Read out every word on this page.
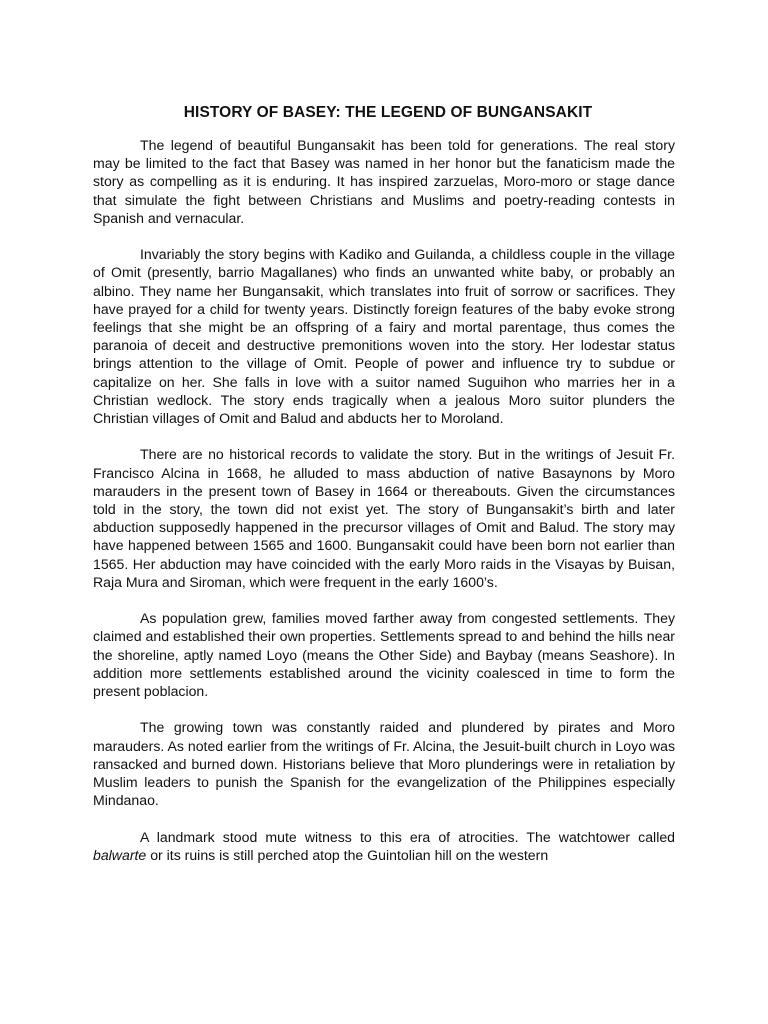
HISTORY OF BASEY: THE LEGEND OF BUNGANSAKIT

The legend of beautiful Bungansakit has been told for generations. The real story may be limited to the fact that Basey was named in her honor but the fanaticism made the story as compelling as it is enduring. It has inspired zarzuelas, Moro-moro or stage dance that simulate the fight between Christians and Muslims and poetry-reading contests in Spanish and vernacular.

Invariably the story begins with Kadiko and Guilanda, a childless couple in the village of Omit (presently, barrio Magallanes) who finds an unwanted white baby, or probably an albino. They name her Bungansakit, which translates into fruit of sorrow or sacrifices. They have prayed for a child for twenty years. Distinctly foreign features of the baby evoke strong feelings that she might be an offspring of a fairy and mortal parentage, thus comes the paranoia of deceit and destructive premonitions woven into the story. Her lodestar status brings attention to the village of Omit. People of power and influence try to subdue or capitalize on her. She falls in love with a suitor named Suguihon who marries her in a Christian wedlock. The story ends tragically when a jealous Moro suitor plunders the Christian villages of Omit and Balud and abducts her to Moroland.

There are no historical records to validate the story. But in the writings of Jesuit Fr. Francisco Alcina in 1668, he alluded to mass abduction of native Basaynons by Moro marauders in the present town of Basey in 1664 or thereabouts. Given the circumstances told in the story, the town did not exist yet. The story of Bungansakit’s birth and later abduction supposedly happened in the precursor villages of Omit and Balud. The story may have happened between 1565 and 1600. Bungansakit could have been born not earlier than 1565. Her abduction may have coincided with the early Moro raids in the Visayas by Buisan, Raja Mura and Siroman, which were frequent in the early 1600’s.

As population grew, families moved farther away from congested settlements. They claimed and established their own properties. Settlements spread to and behind the hills near the shoreline, aptly named Loyo (means the Other Side) and Baybay (means Seashore). In addition more settlements established around the vicinity coalesced in time to form the present poblacion.

The growing town was constantly raided and plundered by pirates and Moro marauders. As noted earlier from the writings of Fr. Alcina, the Jesuit-built church in Loyo was ransacked and burned down. Historians believe that Moro plunderings were in retaliation by Muslim leaders to punish the Spanish for the evangelization of the Philippines especially Mindanao.

A landmark stood mute witness to this era of atrocities. The watchtower called balwarte or its ruins is still perched atop the Guintolian hill on the western
